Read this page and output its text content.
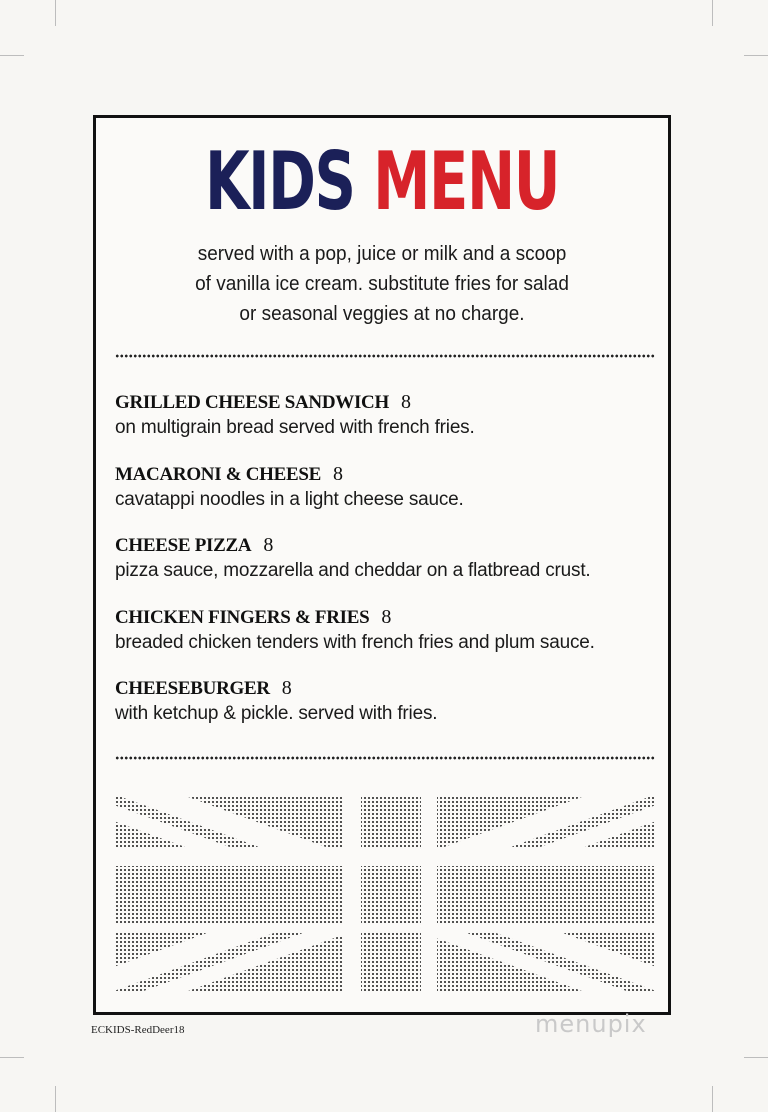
KIDS MENU
served with a pop, juice or milk and a scoop
of vanilla ice cream. substitute fries for salad
or seasonal veggies at no charge.
GRILLED CHEESE SANDWICH 8
on multigrain bread served with french fries.
MACARONI & CHEESE 8
cavatappi noodles in a light cheese sauce.
CHEESE PIZZA 8
pizza sauce, mozzarella and cheddar on a flatbread crust.
CHICKEN FINGERS & FRIES 8
breaded chicken tenders with french fries and plum sauce.
CHEESEBURGER 8
with ketchup & pickle. served with fries.
ECKIDS-RedDeer18	menupix
